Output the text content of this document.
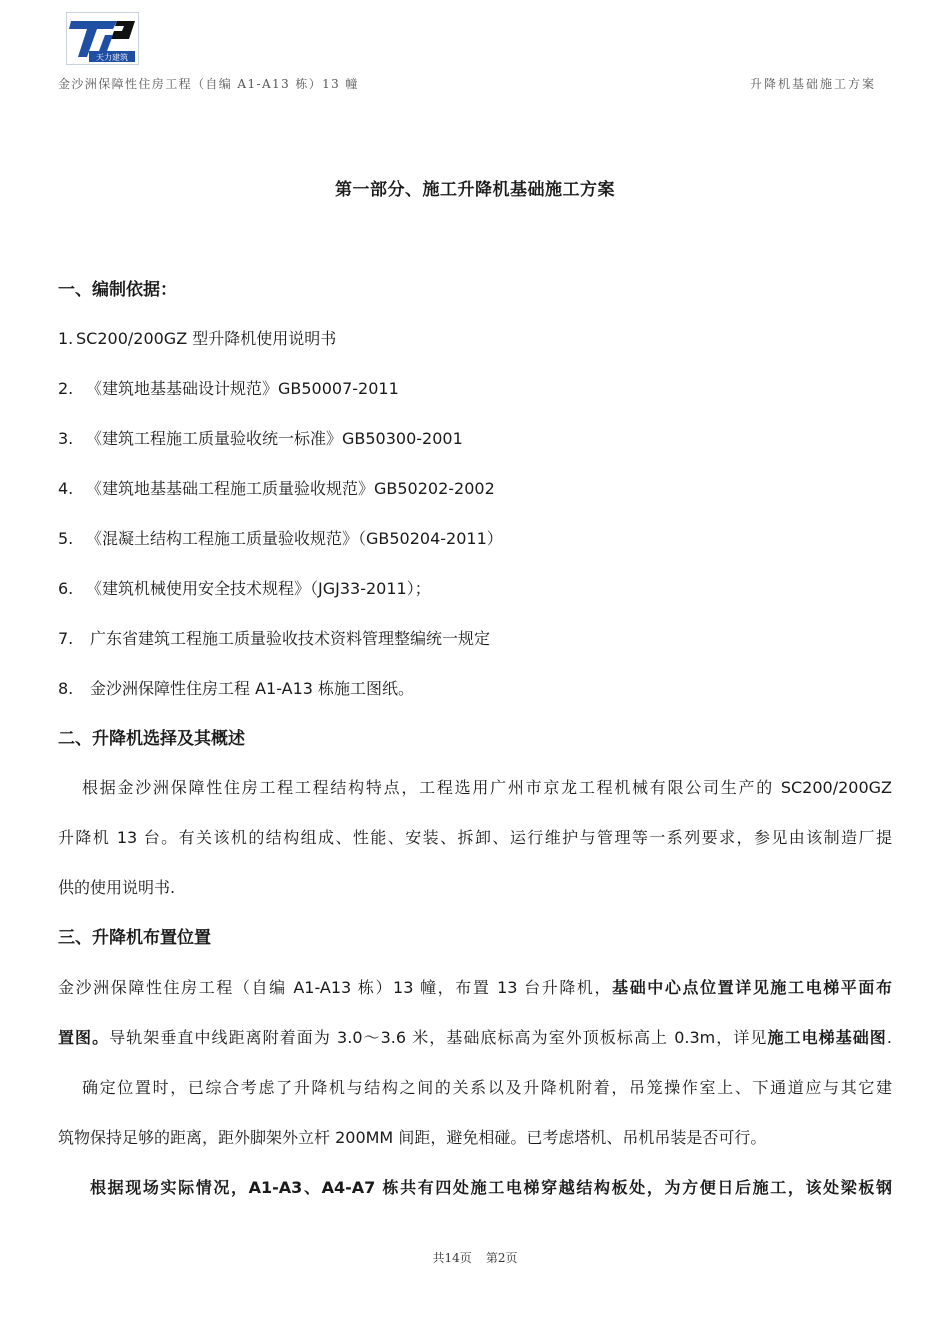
天力建筑
金沙洲保障性住房工程（自编 A1-A13 栋）13 幢	升降机基础施工方案
第一部分、施工升降机基础施工方案
一、编制依据：
1. SC200/200GZ 型升降机使用说明书
2. 《建筑地基基础设计规范》GB50007-2011
3. 《建筑工程施工质量验收统一标准》GB50300-2001
4. 《建筑地基基础工程施工质量验收规范》GB50202-2002
5. 《混凝土结构工程施工质量验收规范》（GB50204-2011）
6. 《建筑机械使用安全技术规程》（JGJ33-2011）；
7. 广东省建筑工程施工质量验收技术资料管理整编统一规定
8. 金沙洲保障性住房工程 A1-A13 栋施工图纸。
二、升降机选择及其概述
根据金沙洲保障性住房工程工程结构特点，工程选用广州市京龙工程机械有限公司生产的 SC200/200GZ
升降机 13 台。有关该机的结构组成、性能、安装、拆卸、运行维护与管理等一系列要求，参见由该制造厂提
供的使用说明书.
三、升降机布置位置
金沙洲保障性住房工程（自编 A1-A13 栋）13 幢，布置 13 台升降机，基础中心点位置详见施工电梯平面布
置图。导轨架垂直中线距离附着面为 3.0～3.6 米，基础底标高为室外顶板标高上 0.3m，详见施工电梯基础图.
确定位置时，已综合考虑了升降机与结构之间的关系以及升降机附着，吊笼操作室上、下通道应与其它建
筑物保持足够的距离，距外脚架外立杆 200MM 间距，避免相碰。已考虑塔机、吊机吊装是否可行。
根据现场实际情况，A1-A3、A4-A7 栋共有四处施工电梯穿越结构板处，为方便日后施工，该处梁板钢
共14页 第2页
